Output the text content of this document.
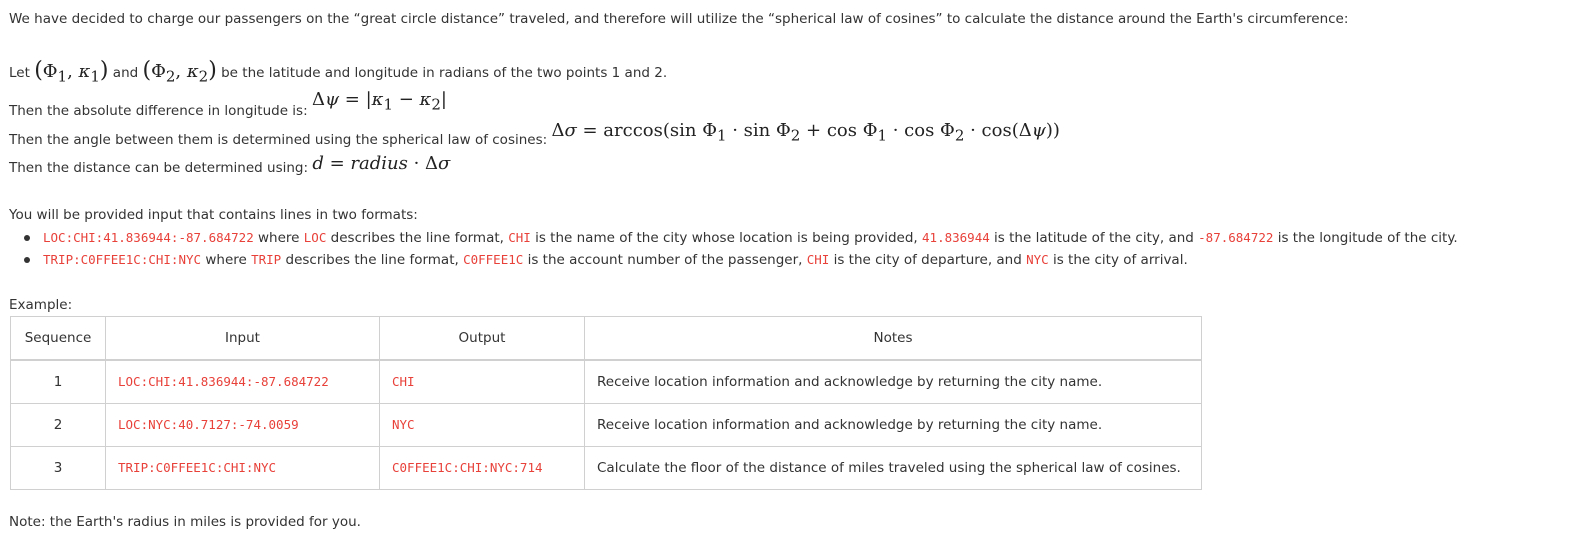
We have decided to charge our passengers on the “great circle distance” traveled, and therefore will utilize the “spherical law of cosines” to calculate the distance around the Earth's circumference:
Let ($\Phi_1$, $\kappa_1$) and ($\Phi_2$, $\kappa_2$) be the latitude and longitude in radians of the two points 1 and 2.
Then the absolute difference in longitude is: $\Delta\psi = |\kappa_1 - \kappa_2|$
Then the angle between them is determined using the spherical law of cosines: Δσ = arccos(sin $\Phi_1 \cdot \sin \Phi_2 + \cos \Phi_1 \cdot \cos \Phi_2 \cdot \cos(\Delta\psi)$)
Then the distance can be determined using: d = radius · Δσ
You will be provided input that contains lines in two formats:
LOC:CHI:41.836944:-87.684722 where LOC describes the line format, CHI is the name of the city whose location is being provided, 41.836944 is the latitude of the city, and -87.684722 is the longitude of the city.
TRIP:C0FFEE1C:CHI:NYC where TRIP describes the line format, C0FFEE1C is the account number of the passenger, CHI is the city of departure, and NYC is the city of arrival.
Example:
Sequence	Input	Output	Notes
1	LOC:CHI:41.836944:-87.684722	CHI	Receive location information and acknowledge by returning the city name.
2	LOC:NYC:40.7127:-74.0059	NYC	Receive location information and acknowledge by returning the city name.
3	TRIP:C0FFEE1C:CHI:NYC	C0FFEE1C:CHI:NYC:714	Calculate the floor of the distance of miles traveled using the spherical law of cosines.
Note: the Earth's radius in miles is provided for you.
